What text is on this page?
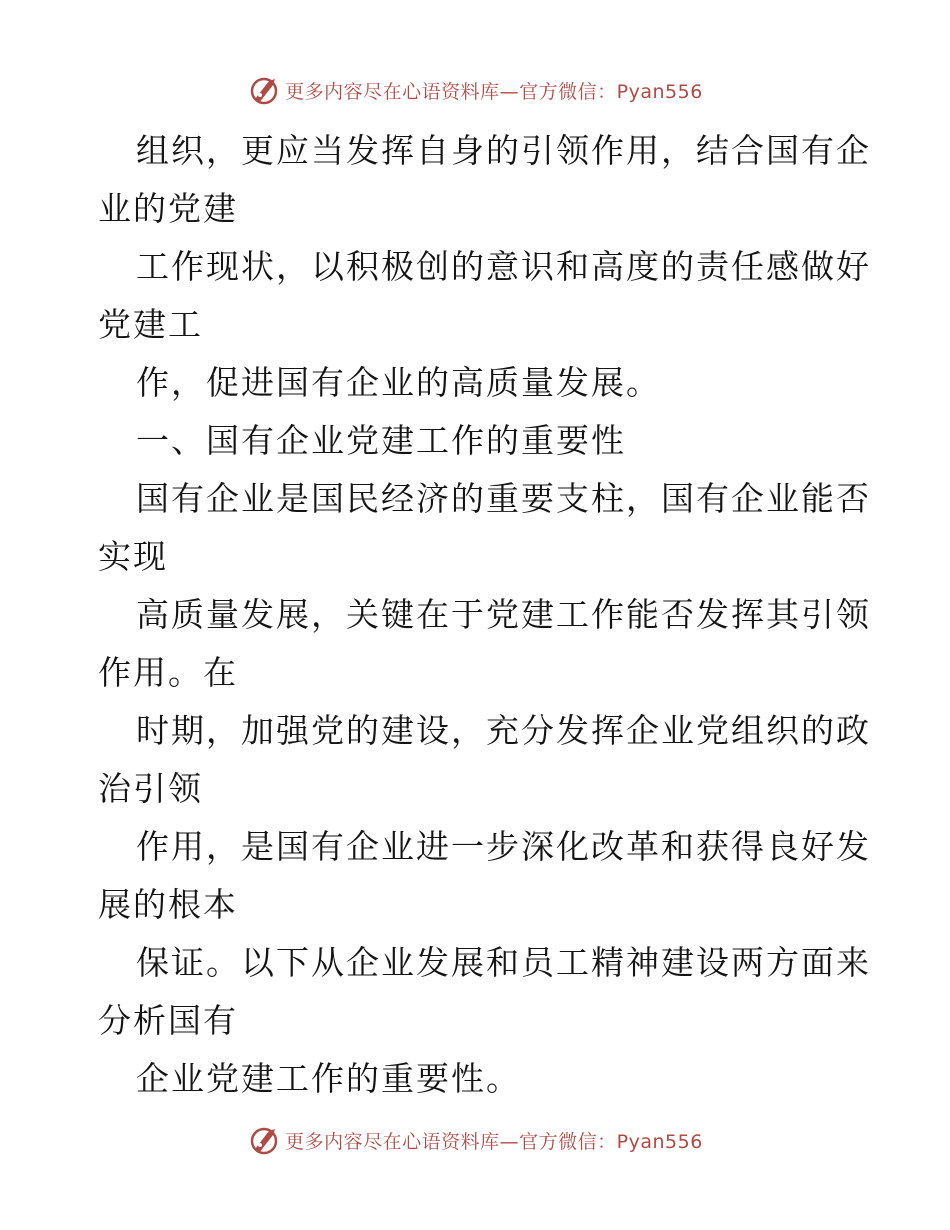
更多内容尽在心语资料库—官方微信：Pyan556
组织，更应当发挥自身的引领作用，结合国有企
业的党建
工作现状，以积极创的意识和高度的责任感做好
党建工
作，促进国有企业的高质量发展。
一、国有企业党建工作的重要性
国有企业是国民经济的重要支柱，国有企业能否
实现
高质量发展，关键在于党建工作能否发挥其引领
作用。在
时期，加强党的建设，充分发挥企业党组织的政
治引领
作用，是国有企业进一步深化改革和获得良好发
展的根本
保证。以下从企业发展和员工精神建设两方面来
分析国有
企业党建工作的重要性。
更多内容尽在心语资料库—官方微信：Pyan556
